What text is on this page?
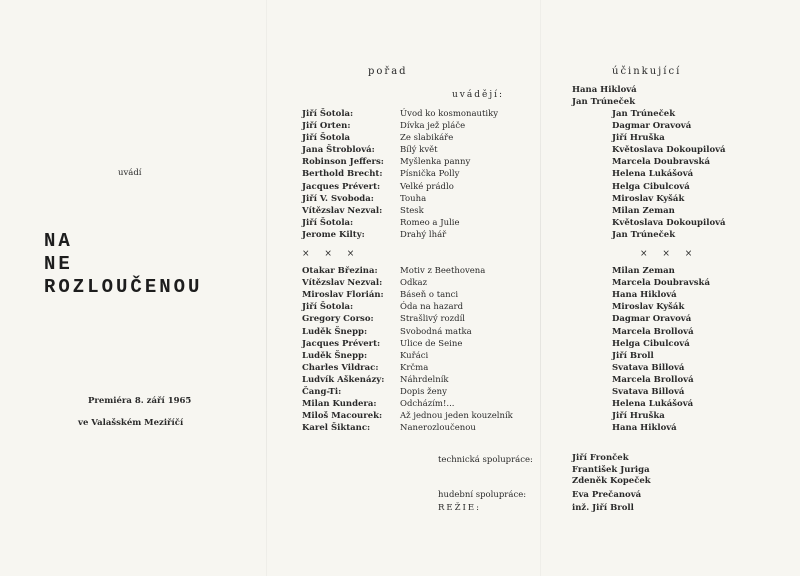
uvádí
NA
NE
ROZLOUČENOU
Premiéra 8. září 1965
ve Valašském Meziříčí
pořad
uvádějí:
účinkující
Hana Hiklová
Jan Trúneček
Jiří Šotola:	Úvod ko kosmonautiky
Jiří Orten:	Dívka jež pláče
Jiří Šotola	Ze slabikáře
Jana Štroblová:	Bílý květ
Robinson Jeffers: Myšlenka panny
Berthold Brecht: Písnička Polly
Jacques Prévert: Velké prádlo
Jiří V. Svoboda:	Touha
Vítězslav Nezval: Stesk
Jiří Šotola:	Romeo a Julie
Jerome Kilty:	Drahý lhář
× × ×
Otakar Březina:	Motiv z Beethovena
Vítězslav Nezval: Odkaz
Miroslav Florián: Báseň o tanci
Jiří Šotola:	Óda na hazard
Gregory Corso:	Strašlivý rozdíl
Luděk Šnepp:	Svobodná matka
Jacques Prévert: Ulice de Seine
Luděk Šnepp:	Kuřáci
Charles Vildrac:	Krčma
Ludvík Aškenázy: Náhrdelník
Čang-Ti:	Dopis ženy
Milan Kundera:	Odcházím!...
Miloš Macourek: Až jednou jeden kouzelník
Karel Šiktanc:	Nanerozloučenou
Jan Trúneček
Dagmar Oravová
Jiří Hruška
Květoslava Dokoupilová
Marcela Doubravská
Helena Lukášová
Helga Cibulcová
Miroslav Kyšák
Milan Zeman
Květoslava Dokoupilová
Jan Trúneček
× × ×
Milan Zeman
Marcela Doubravská
Hana Hiklová
Miroslav Kyšák
Dagmar Oravová
Marcela Brollová
Helga Cibulcová
Jiří Broll
Svatava Billová
Marcela Brollová
Svatava Billová
Helena Lukášová
Jiří Hruška
Hana Hiklová
technická spolupráce:	Jiří Fronček
František Juriga
Zdeněk Kopeček
hudební spolupráce:	Eva Prečanová
REŽIE:	inž. Jiří Broll
